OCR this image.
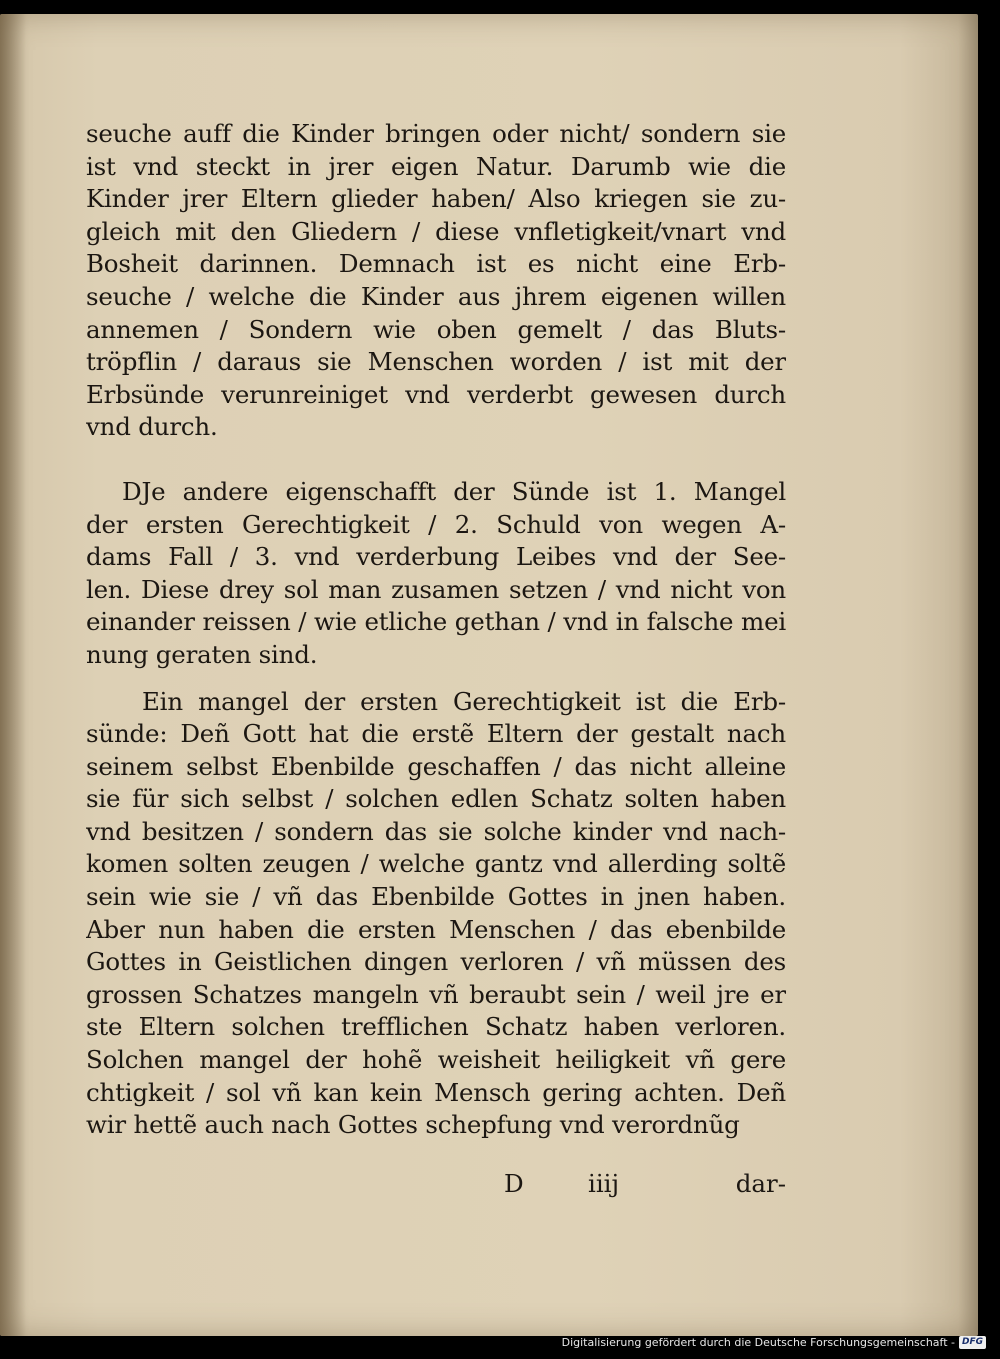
seuche auff die Kinder bringen oder nicht/ sondern sie
ist vnd steckt in jrer eigen Natur. Darumb wie die
Kinder jrer Eltern glieder haben/ Also kriegen sie zu-
gleich mit den Gliedern / diese vnfletigkeit/vnart vnd
Bosheit darinnen. Demnach ist es nicht eine Erb-
seuche / welche die Kinder aus jhrem eigenen willen
annemen / Sondern wie oben gemelt / das Bluts-
tröpflin / daraus sie Menschen worden / ist mit der
Erbsünde verunreiniget vnd verderbt gewesen durch
vnd durch.
DJe andere eigenschafft der Sünde ist 1. Mangel
der ersten Gerechtigkeit / 2. Schuld von wegen A-
dams Fall / 3. vnd verderbung Leibes vnd der See-
len. Diese drey sol man zusamen setzen / vnd nicht von
einander reissen / wie etliche gethan / vnd in falsche mei
nung geraten sind.
Ein mangel der ersten Gerechtigkeit ist die Erb-
sünde: Deñ Gott hat die erstẽ Eltern der gestalt nach
seinem selbst Ebenbilde geschaffen / das nicht alleine
sie für sich selbst / solchen edlen Schatz solten haben
vnd besitzen / sondern das sie solche kinder vnd nach-
komen solten zeugen / welche gantz vnd allerding soltẽ
sein wie sie / vñ das Ebenbilde Gottes in jnen haben.
Aber nun haben die ersten Menschen / das ebenbilde
Gottes in Geistlichen dingen verloren / vñ müssen des
grossen Schatzes mangeln vñ beraubt sein / weil jre er
ste Eltern solchen trefflichen Schatz haben verloren.
Solchen mangel der hohẽ weisheit heiligkeit vñ gere
chtigkeit / sol vñ kan kein Mensch gering achten. Deñ
wir hettẽ auch nach Gottes schepfung vnd verordnũg
D	iiij	dar-
Digitalisierung gefördert durch die Deutsche Forschungsgemeinschaft - DFG
